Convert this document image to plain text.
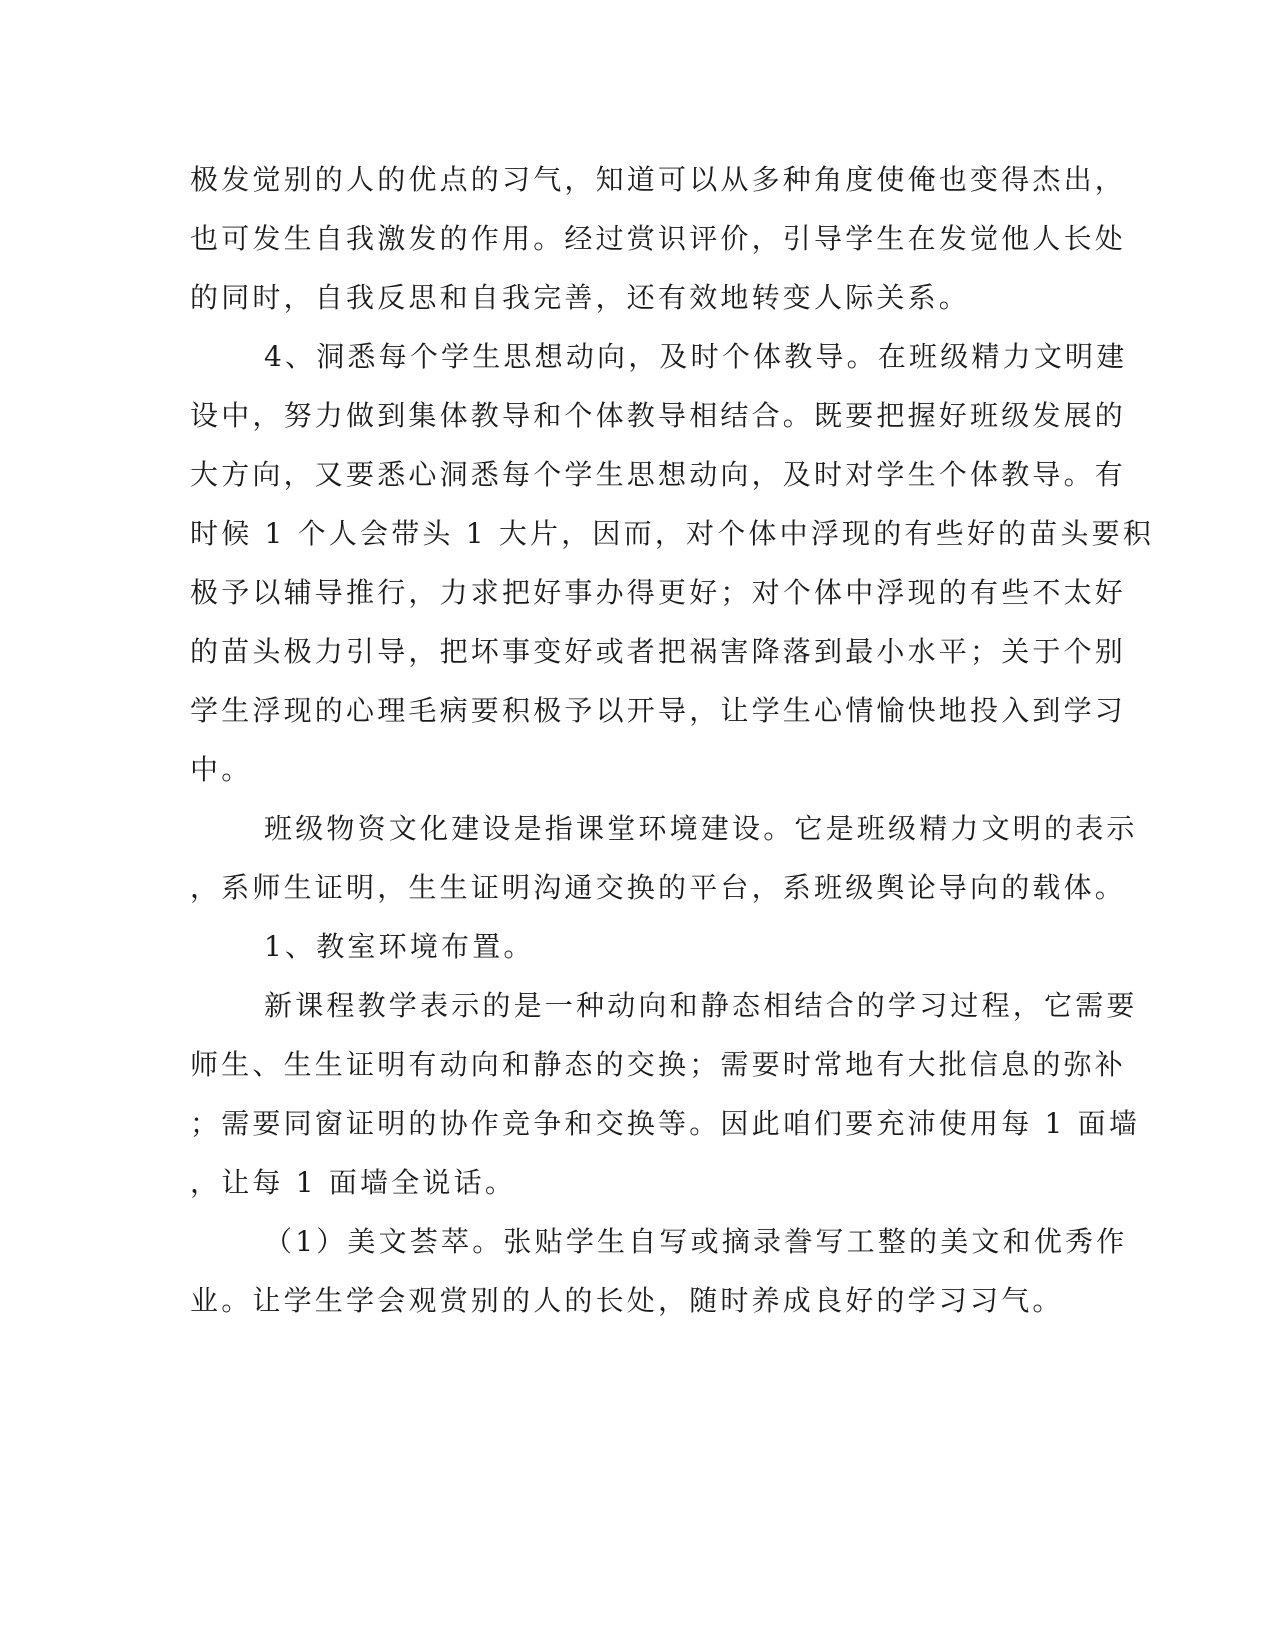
极发觉别的人的优点的习气，知道可以从多种角度使俺也变得杰出，

也可发生自我激发的作用。经过赏识评价，引导学生在发觉他人长处

的同时，自我反思和自我完善，还有效地转变人际关系。

4、洞悉每个学生思想动向，及时个体教导。在班级精力文明建

设中，努力做到集体教导和个体教导相结合。既要把握好班级发展的

大方向，又要悉心洞悉每个学生思想动向，及时对学生个体教导。有

时候 1 个人会带头 1 大片，因而，对个体中浮现的有些好的苗头要积

极予以辅导推行，力求把好事办得更好；对个体中浮现的有些不太好

的苗头极力引导，把坏事变好或者把祸害降落到最小水平；关于个别

学生浮现的心理毛病要积极予以开导，让学生心情愉快地投入到学习

中。

班级物资文化建设是指课堂环境建设。它是班级精力文明的表示

，系师生证明，生生证明沟通交换的平台，系班级舆论导向的载体。

1、教室环境布置。

新课程教学表示的是一种动向和静态相结合的学习过程，它需要

师生、生生证明有动向和静态的交换；需要时常地有大批信息的弥补

；需要同窗证明的协作竞争和交换等。因此咱们要充沛使用每 1 面墙

，让每 1 面墙全说话。

（1）美文荟萃。张贴学生自写或摘录誊写工整的美文和优秀作

业。让学生学会观赏别的人的长处，随时养成良好的学习习气。
